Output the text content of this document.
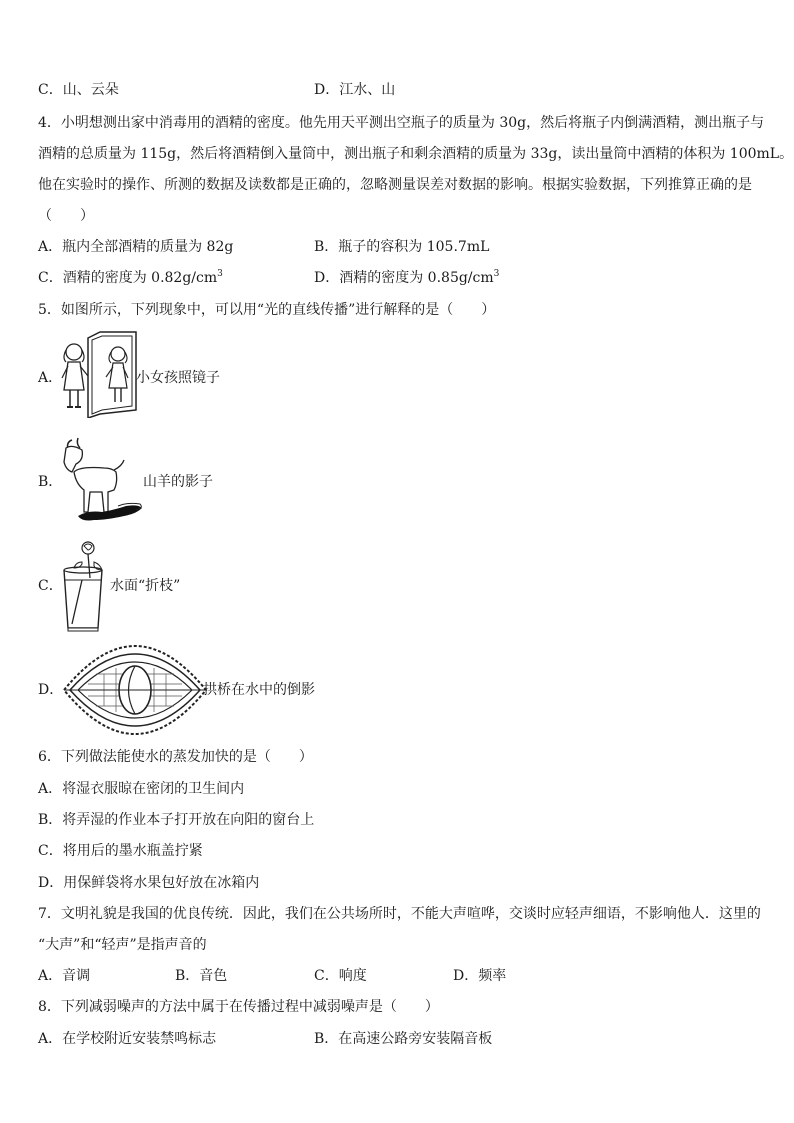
C．山、云朵	D．江水、山
4．小明想测出家中消毒用的酒精的密度。他先用天平测出空瓶子的质量为 30g，然后将瓶子内倒满酒精，测出瓶子与
酒精的总质量为 115g，然后将酒精倒入量筒中，测出瓶子和剩余酒精的质量为 33g，读出量筒中酒精的体积为 100mL。
他在实验时的操作、所测的数据及读数都是正确的，忽略测量误差对数据的影响。根据实验数据，下列推算正确的是
（　　）
A．瓶内全部酒精的质量为 82g	B．瓶子的容积为 105.7mL
C．酒精的密度为 $0.82g/cm^3$	D．酒精的密度为 $0.85g/cm^3$
5．如图所示，下列现象中，可以用“光的直线传播”进行解释的是（　　）
A．	小女孩照镜子
B．	山羊的影子
C．	水面“折枝”
D．	拱桥在水中的倒影
6．下列做法能使水的蒸发加快的是（　　）
A．将湿衣服晾在密闭的卫生间内
B．将弄湿的作业本子打开放在向阳的窗台上
C．将用后的墨水瓶盖拧紧
D．用保鲜袋将水果包好放在冰箱内
7．文明礼貌是我国的优良传统．因此，我们在公共场所时，不能大声喧哗，交谈时应轻声细语，不影响他人．这里的
“大声”和“轻声”是指声音的
A．音调	B．音色	C．响度	D．频率
8．下列减弱噪声的方法中属于在传播过程中减弱噪声是（　　）
A．在学校附近安装禁鸣标志	B．在高速公路旁安装隔音板
